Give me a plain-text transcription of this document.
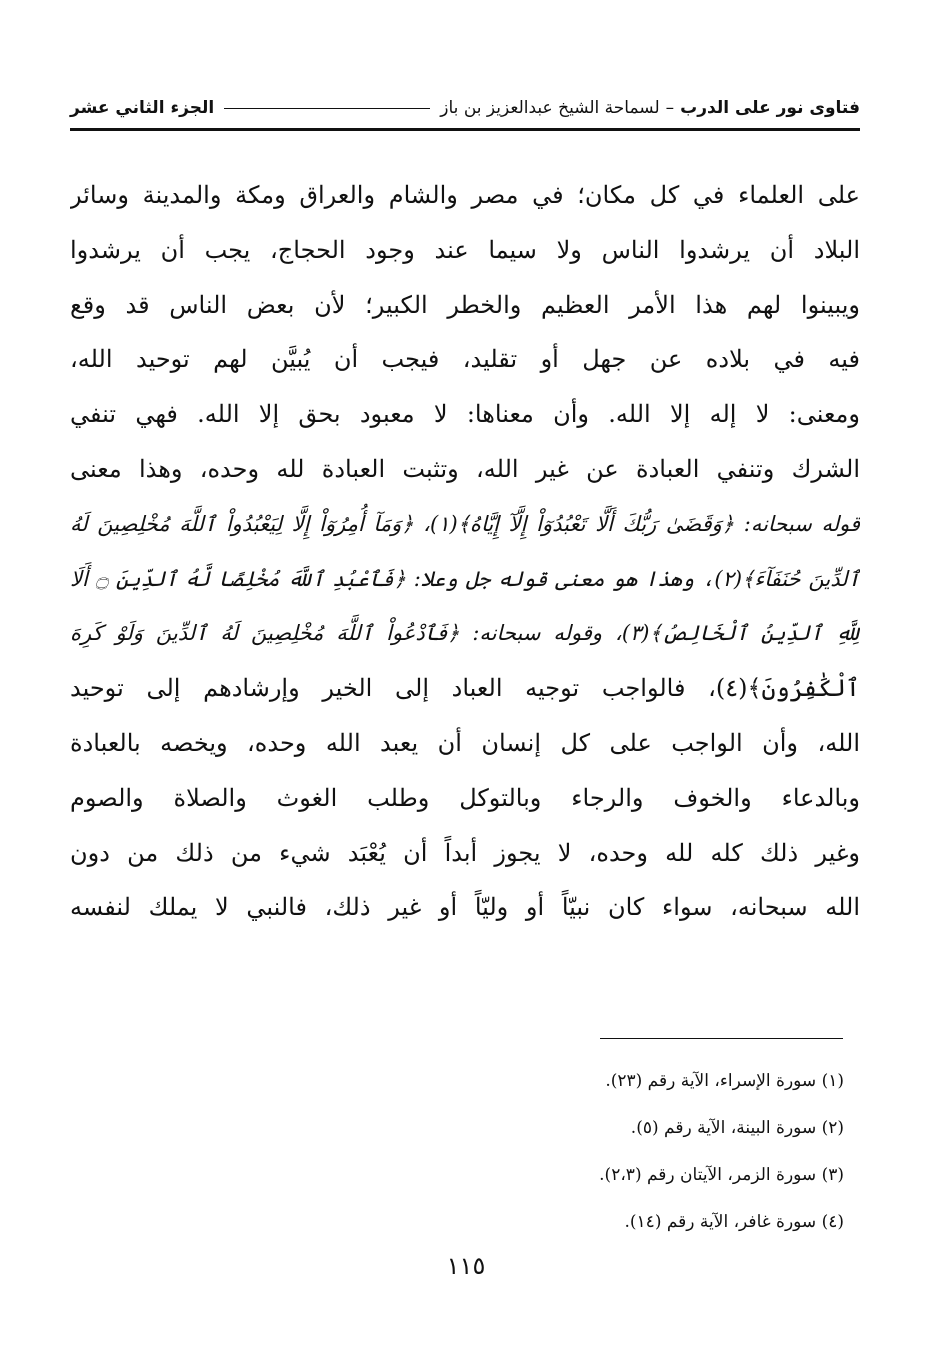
فتاوى نور على الدرب
–
لسماحة الشيخ عبدالعزيز بن باز
الجزء الثاني عشر
على العلماء في كل مكان؛ في مصر والشام والعراق ومكة والمدينة وسائر
البلاد أن يرشدوا الناس ولا سيما عند وجود الحجاج، يجب أن يرشدوا
ويبينوا لهم هذا الأمر العظيم والخطر الكبير؛ لأن بعض الناس قد وقع
فيه في بلاده عن جهل أو تقليد، فيجب أن يُبيَّن لهم توحيد الله،
ومعنى: لا إله إلا الله. وأن معناها: لا معبود بحق إلا الله. فهي تنفي
الشرك وتنفي العبادة عن غير الله، وتثبت العبادة لله وحده، وهذا معنى
قوله سبحانه: ﴿وَقَضَىٰ رَبُّكَ أَلَّا تَعْبُدُوٓاْ إِلَّآ إِيَّاهُ﴾(١)، ﴿وَمَآ أُمِرُوٓاْ إِلَّا لِيَعْبُدُواْ ٱللَّهَ مُخْلِصِينَ لَهُ
ٱلدِّينَ حُنَفَآءَ﴾(٢)، وهذا هو معنى قوله جل وعلا: ﴿فَٱعْبُدِ ٱللَّهَ مُخْلِصًا لَّهُ ٱلدِّينَ ۝ أَلَا
لِلَّهِ ٱلدِّينُ ٱلْخَالِصُ﴾(٣)، وقوله سبحانه: ﴿فَٱدْعُواْ ٱللَّهَ مُخْلِصِينَ لَهُ ٱلدِّينَ وَلَوْ كَرِهَ
ٱلْكَٰفِرُونَ﴾(٤)، فالواجب توجيه العباد إلى الخير وإرشادهم إلى توحيد
الله، وأن الواجب على كل إنسان أن يعبد الله وحده، ويخصه بالعبادة
وبالدعاء والخوف والرجاء وبالتوكل وطلب الغوث والصلاة والصوم
وغير ذلك كله لله وحده، لا يجوز أبداً أن يُعْبَد شيء من ذلك من دون
الله سبحانه، سواء كان نبيّاً أو وليّاً أو غير ذلك، فالنبي لا يملك لنفسه
(١) سورة الإسراء، الآية رقم (٢٣).
(٢) سورة البينة، الآية رقم (٥).
(٣) سورة الزمر، الآيتان رقم (٢،٣).
(٤) سورة غافر، الآية رقم (١٤).
١١٥
